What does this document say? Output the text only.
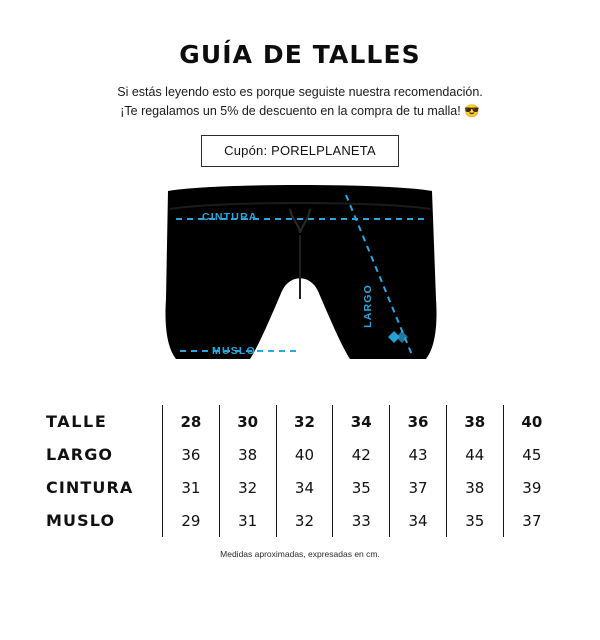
GUÍA DE TALLES
Si estás leyendo esto es porque seguiste nuestra recomendación.
¡Te regalamos un 5% de descuento en la compra de tu malla! 😎
Cupón: PORELPLANETA
CINTURA
MUSLO
LARGO
TALLE	28	30	32	34	36	38	40
LARGO	36	38	40	42	43	44	45
CINTURA	31	32	34	35	37	38	39
MUSLO	29	31	32	33	34	35	37
Medidas aproximadas, expresadas en cm.
